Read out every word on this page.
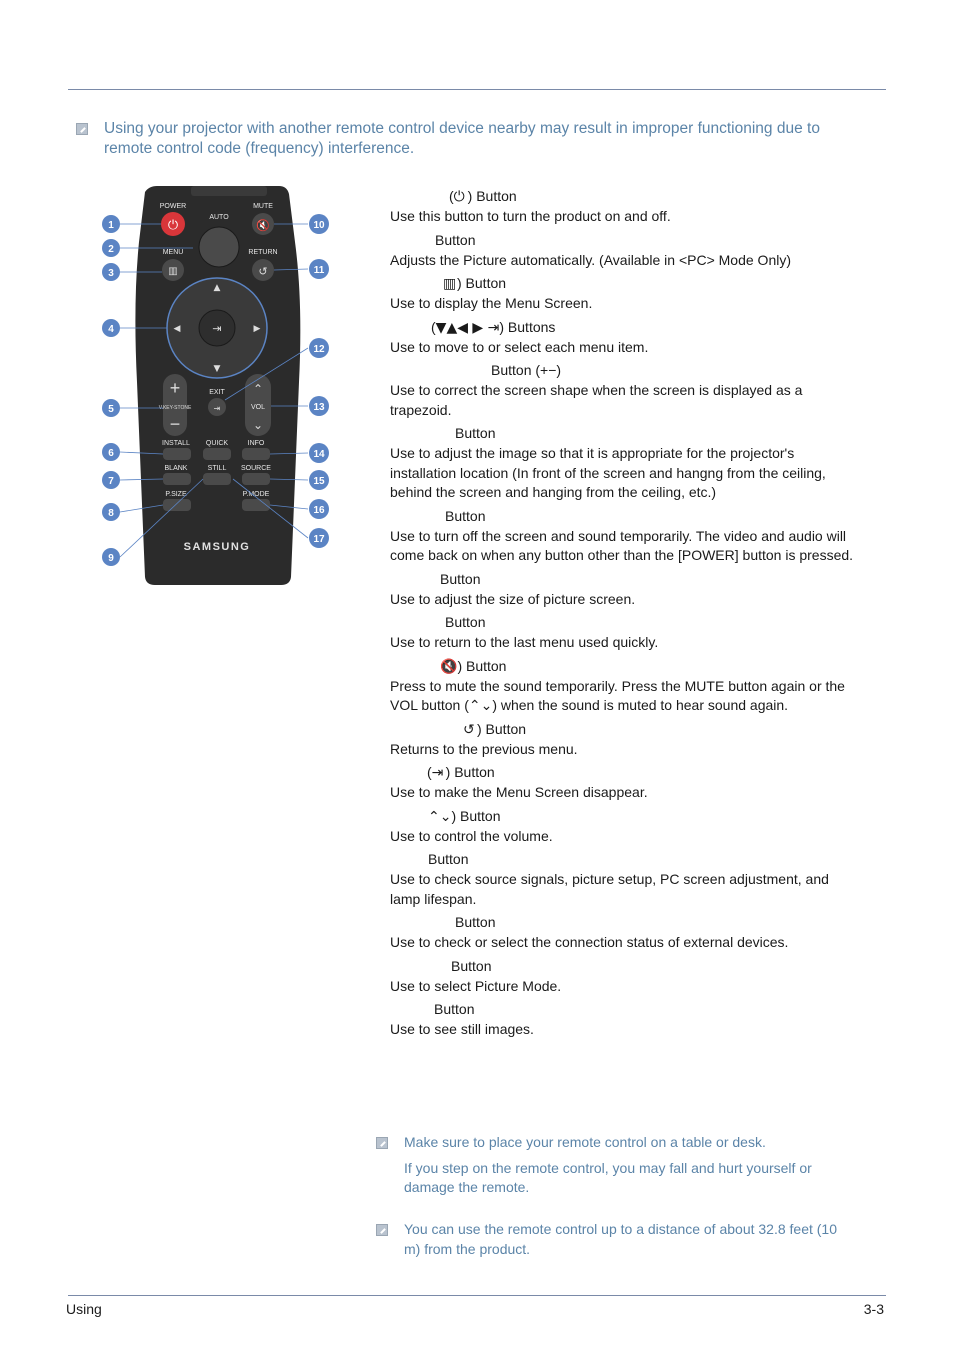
Using your projector with another remote control device nearby may result in improper functioning due to remote control code (frequency) interference.
POWER
⏻
AUTO
MUTE
🔇
MENU
▥
RETURN
↺
⇥
▲
▼
◀	▶
+
V.KEY-STONE
−
EXIT
⇥
⌃
VOL
⌄
INSTALL QUICK	INFO
BLANK	STILL SOURCE
P.SIZE	P.MODE
SAMSUNG
1
2
3
4
5
6
7
8
9
10
11
12
13
14
15
16
17
(⏻ ) Button
Use this button to turn the product on and off.
Button
Adjusts the Picture automatically. (Available in <PC> Mode Only)
▥) Button
Use to display the Menu Screen.
(▼▲◀ ▶ ⇥) Buttons
Use to move to or select each menu item.
Button (+−)
Use to correct the screen shape when the screen is displayed as a trapezoid.
Button
Use to adjust the image so that it is appropriate for the projector's installation location (In front of the screen and hangng from the ceiling, behind the screen and hanging from the ceiling, etc.)
Button
Use to turn off the screen and sound temporarily. The video and audio will come back on when any button other than the [POWER] button is pressed.
Button
Use to adjust the size of picture screen.
Button
Use to return to the last menu used quickly.
🔇) Button
Press to mute the sound temporarily. Press the MUTE button again or the VOL button (⌃⌄) when the sound is muted to hear sound again.
↺ ) Button
Returns to the previous menu.
(⇥ ) Button
Use to make the Menu Screen disappear.
⌃⌄) Button
Use to control the volume.
Button
Use to check source signals, picture setup, PC screen adjustment, and lamp lifespan.
Button
Use to check or select the connection status of external devices.
Button
Use to select Picture Mode.
Button
Use to see still images.
Make sure to place your remote control on a table or desk.
If you step on the remote control, you may fall and hurt yourself or damage the remote.
You can use the remote control up to a distance of about 32.8 feet (10 m) from the product.
Using	3-3
